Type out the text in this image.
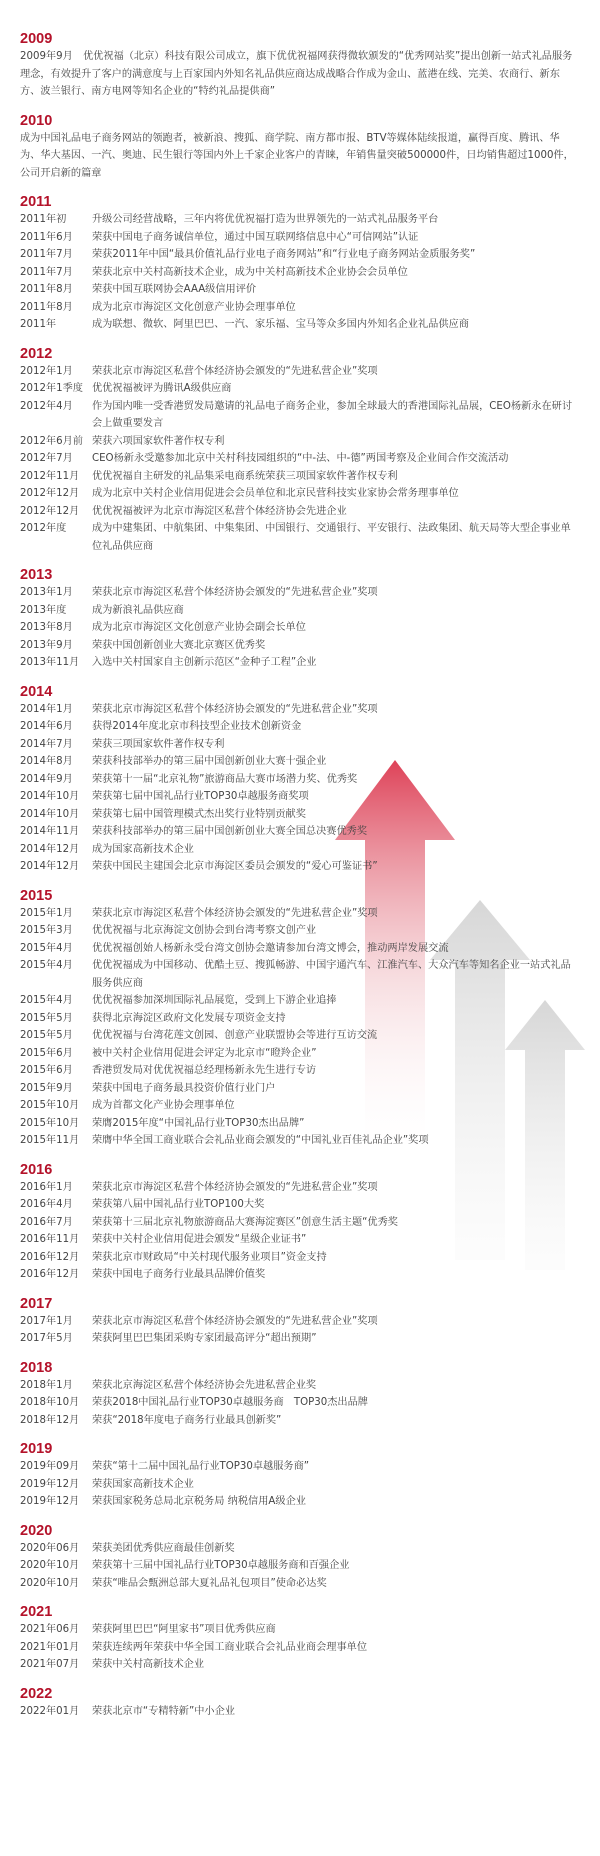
2009
2009年9月　优优祝福（北京）科技有限公司成立，旗下优优祝福网获得微软颁发的“优秀网站奖”提出创新一站式礼品服务理念，有效提升了客户的满意度与上百家国内外知名礼品供应商达成战略合作成为金山、蓝港在线、完美、农商行、新东方、波兰银行、南方电网等知名企业的“特约礼品提供商”
2010
成为中国礼品电子商务网站的领跑者，被新浪、搜狐、商学院、南方都市报、BTV等媒体陆续报道，赢得百度、腾讯、华为、华大基因、一汽、奥迪、民生银行等国内外上千家企业客户的青睐，年销售量突破500000件，日均销售超过1000件，公司开启新的篇章
2011
2011年初	升级公司经营战略，三年内将优优祝福打造为世界领先的一站式礼品服务平台
2011年6月	荣获中国电子商务诚信单位，通过中国互联网络信息中心“可信网站”认证
2011年7月	荣获2011年中国“最具价值礼品行业电子商务网站”和“行业电子商务网站金质服务奖”
2011年7月	荣获北京中关村高新技术企业，成为中关村高新技术企业协会会员单位
2011年8月	荣获中国互联网协会AAA级信用评价
2011年8月	成为北京市海淀区文化创意产业协会理事单位
2011年	成为联想、微软、阿里巴巴、一汽、家乐福、宝马等众多国内外知名企业礼品供应商
2012
2012年1月	荣获北京市海淀区私营个体经济协会颁发的“先进私营企业”奖项
2012年1季度 优优祝福被评为腾讯A级供应商
2012年4月	作为国内唯一受香港贸发局邀请的礼品电子商务企业，参加全球最大的香港国际礼品展，CEO杨新永在研讨会上做重要发言
2012年6月前 荣获六项国家软件著作权专利
2012年7月	CEO杨新永受邀参加北京中关村科技园组织的“中-法、中-德”两国考察及企业间合作交流活动
2012年11月	优优祝福自主研发的礼品集采电商系统荣获三项国家软件著作权专利
2012年12月	成为北京中关村企业信用促进会会员单位和北京民营科技实业家协会常务理事单位
2012年12月	优优祝福被评为北京市海淀区私营个体经济协会先进企业
2012年度	成为中建集团、中航集团、中集集团、中国银行、交通银行、平安银行、法政集团、航天局等大型企事业单位礼品供应商
2013
2013年1月	荣获北京市海淀区私营个体经济协会颁发的“先进私营企业”奖项
2013年度	成为新浪礼品供应商
2013年8月	成为北京市海淀区文化创意产业协会副会长单位
2013年9月	荣获中国创新创业大赛北京赛区优秀奖
2013年11月	入选中关村国家自主创新示范区“金种子工程”企业
2014
2014年1月	荣获北京市海淀区私营个体经济协会颁发的“先进私营企业”奖项
2014年6月	获得2014年度北京市科技型企业技术创新资金
2014年7月	荣获三项国家软件著作权专利
2014年8月	荣获科技部举办的第三届中国创新创业大赛十强企业
2014年9月	荣获第十一届“北京礼物”旅游商品大赛市场潜力奖、优秀奖
2014年10月	荣获第七届中国礼品行业TOP30卓越服务商奖项
2014年10月	荣获第七届中国管理模式杰出奖行业特别贡献奖
2014年11月	荣获科技部举办的第三届中国创新创业大赛全国总决赛优秀奖
2014年12月	成为国家高新技术企业
2014年12月	荣获中国民主建国会北京市海淀区委员会颁发的“爱心可鉴证书”
2015
2015年1月	荣获北京市海淀区私营个体经济协会颁发的“先进私营企业”奖项
2015年3月	优优祝福与北京海淀文创协会到台湾考察文创产业
2015年4月	优优祝福创始人杨新永受台湾文创协会邀请参加台湾文博会，推动两岸发展交流
2015年4月	优优祝福成为中国移动、优酷土豆、搜狐畅游、中国宇通汽车、江淮汽车、大众汽车等知名企业一站式礼品服务供应商
2015年4月	优优祝福参加深圳国际礼品展览，受到上下游企业追捧
2015年5月	获得北京海淀区政府文化发展专项资金支持
2015年5月	优优祝福与台湾花莲文创园、创意产业联盟协会等进行互访交流
2015年6月	被中关村企业信用促进会评定为北京市“瞪羚企业”
2015年6月	香港贸发局对优优祝福总经理杨新永先生进行专访
2015年9月	荣获中国电子商务最具投资价值行业门户
2015年10月	成为首都文化产业协会理事单位
2015年10月	荣膺2015年度“中国礼品行业TOP30杰出品牌”
2015年11月	荣膺中华全国工商业联合会礼品业商会颁发的“中国礼业百佳礼品企业”奖项
2016
2016年1月	荣获北京市海淀区私营个体经济协会颁发的“先进私营企业”奖项
2016年4月	荣获第八届中国礼品行业TOP100大奖
2016年7月	荣获第十三届北京礼物旅游商品大赛海淀赛区”创意生活主题“优秀奖
2016年11月	荣获中关村企业信用促进会颁发“星级企业证书”
2016年12月	荣获北京市财政局“中关村现代服务业项目”资金支持
2016年12月	荣获中国电子商务行业最具品牌价值奖
2017
2017年1月	荣获北京市海淀区私营个体经济协会颁发的“先进私营企业”奖项
2017年5月	荣获阿里巴巴集团采购专家团最高评分“超出预期”
2018
2018年1月	荣获北京海淀区私营个体经济协会先进私营企业奖
2018年10月	荣获2018中国礼品行业TOP30卓越服务商　TOP30杰出品牌
2018年12月	荣获“2018年度电子商务行业最具创新奖”
2019
2019年09月	荣获“第十二届中国礼品行业TOP30卓越服务商”
2019年12月	荣获国家高新技术企业
2019年12月	荣获国家税务总局北京税务局 纳税信用A级企业
2020
2020年06月	荣获美团优秀供应商最佳创新奖
2020年10月	荣获第十三届中国礼品行业TOP30卓越服务商和百强企业
2020年10月	荣获“唯品会甄洲总部大夏礼品礼包项目”使命必达奖
2021
2021年06月	荣获阿里巴巴“阿里家书”项目优秀供应商
2021年01月	荣获连续两年荣获中华全国工商业联合会礼品业商会理事单位
2021年07月	荣获中关村高新技术企业
2022
2022年01月	荣获北京市“专精特新”中小企业
